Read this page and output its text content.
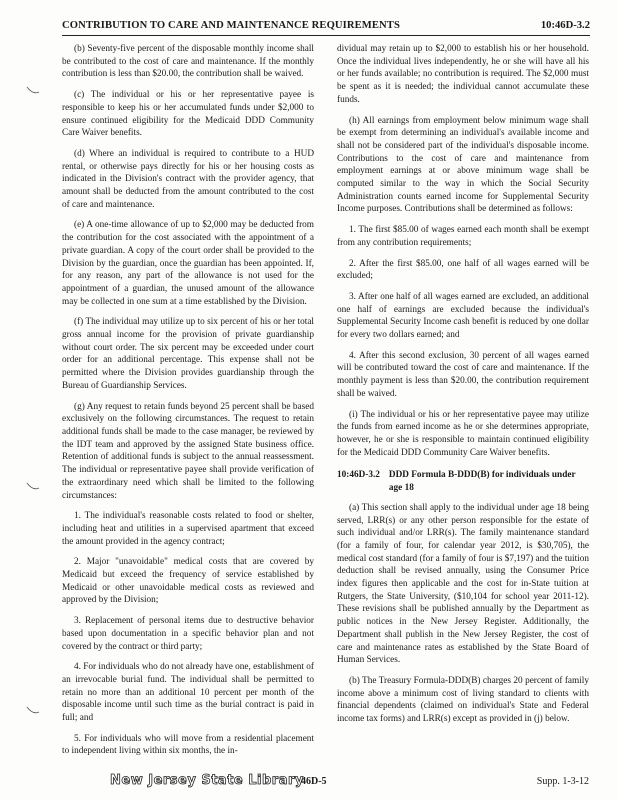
CONTRIBUTION TO CARE AND MAINTENANCE REQUIREMENTS	10:46D-3.2

(b) Seventy-five percent of the disposable monthly income shall be contributed to the cost of care and maintenance. If the monthly contribution is less than $20.00, the contribution shall be waived.

(c) The individual or his or her representative payee is responsible to keep his or her accumulated funds under $2,000 to ensure continued eligibility for the Medicaid DDD Community Care Waiver benefits.

(d) Where an individual is required to contribute to a HUD rental, or otherwise pays directly for his or her housing costs as indicated in the Division's contract with the provider agency, that amount shall be deducted from the amount contributed to the cost of care and maintenance.

(e) A one-time allowance of up to $2,000 may be deducted from the contribution for the cost associated with the appointment of a private guardian. A copy of the court order shall be provided to the Division by the guardian, once the guardian has been appointed. If, for any reason, any part of the allowance is not used for the appointment of a guardian, the unused amount of the allowance may be collected in one sum at a time established by the Division.

(f) The individual may utilize up to six percent of his or her total gross annual income for the provision of private guardianship without court order. The six percent may be exceeded under court order for an additional percentage. This expense shall not be permitted where the Division provides guardianship through the Bureau of Guardianship Services.

(g) Any request to retain funds beyond 25 percent shall be based exclusively on the following circumstances. The request to retain additional funds shall be made to the case manager, be reviewed by the IDT team and approved by the assigned State business office. Retention of additional funds is subject to the annual reassessment. The individual or representative payee shall provide verification of the extraordinary need which shall be limited to the following circumstances:

1. The individual's reasonable costs related to food or shelter, including heat and utilities in a supervised apartment that exceed the amount provided in the agency contract;

2. Major "unavoidable" medical costs that are covered by Medicaid but exceed the frequency of service established by Medicaid or other unavoidable medical costs as reviewed and approved by the Division;

3. Replacement of personal items due to destructive behavior based upon documentation in a specific behavior plan and not covered by the contract or third party;

4. For individuals who do not already have one, establishment of an irrevocable burial fund. The individual shall be permitted to retain no more than an additional 10 percent per month of the disposable income until such time as the burial contract is paid in full; and

5. For individuals who will move from a residential placement to independent living within six months, the in-

dividual may retain up to $2,000 to establish his or her household. Once the individual lives independently, he or she will have all his or her funds available; no contribution is required. The $2,000 must be spent as it is needed; the individual cannot accumulate these funds.

(h) All earnings from employment below minimum wage shall be exempt from determining an individual's available income and shall not be considered part of the individual's disposable income. Contributions to the cost of care and maintenance from employment earnings at or above minimum wage shall be computed similar to the way in which the Social Security Administration counts earned income for Supplemental Security Income purposes. Contributions shall be determined as follows:

1. The first $85.00 of wages earned each month shall be exempt from any contribution requirements;

2. After the first $85.00, one half of all wages earned will be excluded;

3. After one half of all wages earned are excluded, an additional one half of earnings are excluded because the individual's Supplemental Security Income cash benefit is reduced by one dollar for every two dollars earned; and

4. After this second exclusion, 30 percent of all wages earned will be contributed toward the cost of care and maintenance. If the monthly payment is less than $20.00, the contribution requirement shall be waived.

(i) The individual or his or her representative payee may utilize the funds from earned income as he or she determines appropriate, however, he or she is responsible to maintain continued eligibility for the Medicaid DDD Community Care Waiver benefits.

10:46D-3.2 DDD Formula B-DDD(B) for individuals under age 18

(a) This section shall apply to the individual under age 18 being served, LRR(s) or any other person responsible for the estate of such individual and/or LRR(s). The family maintenance standard (for a family of four, for calendar year 2012, is $30,705), the medical cost standard (for a family of four is $7,197) and the tuition deduction shall be revised annually, using the Consumer Price index figures then applicable and the cost for in-State tuition at Rutgers, the State University, ($10,104 for school year 2011-12). These revisions shall be published annually by the Department as public notices in the New Jersey Register. Additionally, the Department shall publish in the New Jersey Register, the cost of care and maintenance rates as established by the State Board of Human Services.

(b) The Treasury Formula-DDD(B) charges 20 percent of family income above a minimum cost of living standard to clients with financial dependents (claimed on individual's State and Federal income tax forms) and LRR(s) except as provided in (j) below.

New Jersey State Library
46D-5	Supp. 1-3-12
